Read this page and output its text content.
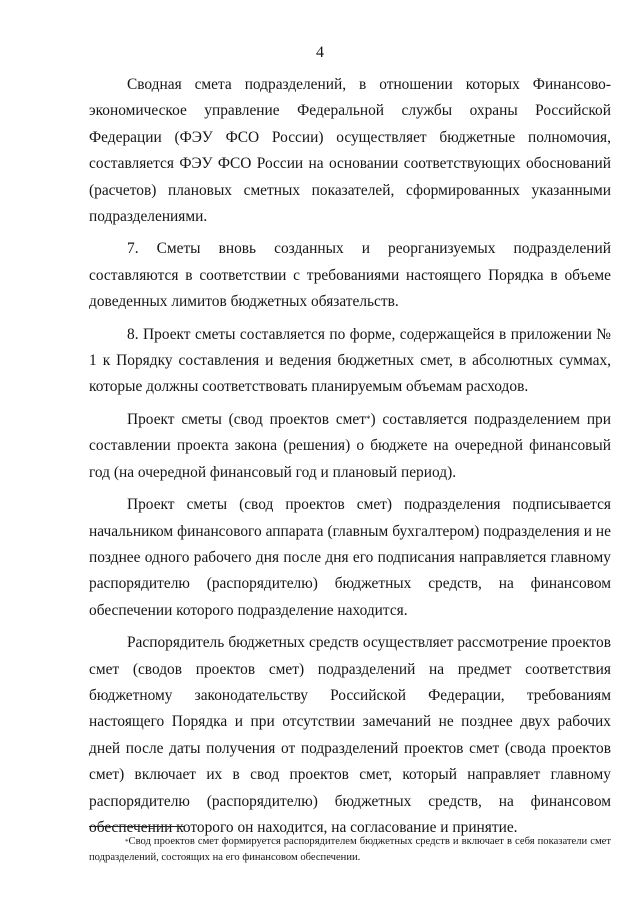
4

Сводная смета подразделений, в отношении которых Финансово-экономическое управление Федеральной службы охраны Российской Федерации (ФЭУ ФСО России) осуществляет бюджетные полномочия, составляется ФЭУ ФСО России на основании соответствующих обоснований (расчетов) плановых сметных показателей, сформированных указанными подразделениями.

7. Сметы вновь созданных и реорганизуемых подразделений составляются в соответствии с требованиями настоящего Порядка в объеме доведенных лимитов бюджетных обязательств.

8. Проект сметы составляется по форме, содержащейся в приложении № 1 к Порядку составления и ведения бюджетных смет, в абсолютных суммах, которые должны соответствовать планируемым объемам расходов.

Проект сметы (свод проектов смет*) составляется подразделением при составлении проекта закона (решения) о бюджете на очередной финансовый год (на очередной финансовый год и плановый период).

Проект сметы (свод проектов смет) подразделения подписывается начальником финансового аппарата (главным бухгалтером) подразделения и не позднее одного рабочего дня после дня его подписания направляется главному распорядителю (распорядителю) бюджетных средств, на финансовом обеспечении которого подразделение находится.

Распорядитель бюджетных средств осуществляет рассмотрение проектов смет (сводов проектов смет) подразделений на предмет соответствия бюджетному законодательству Российской Федерации, требованиям настоящего Порядка и при отсутствии замечаний не позднее двух рабочих дней после даты получения от подразделений проектов смет (свода проектов смет) включает их в свод проектов смет, который направляет главному распорядителю (распорядителю) бюджетных средств, на финансовом обеспечении которого он находится, на согласование и принятие.

*Свод проектов смет формируется распорядителем бюджетных средств и включает в себя показатели смет подразделений, состоящих на его финансовом обеспечении.
